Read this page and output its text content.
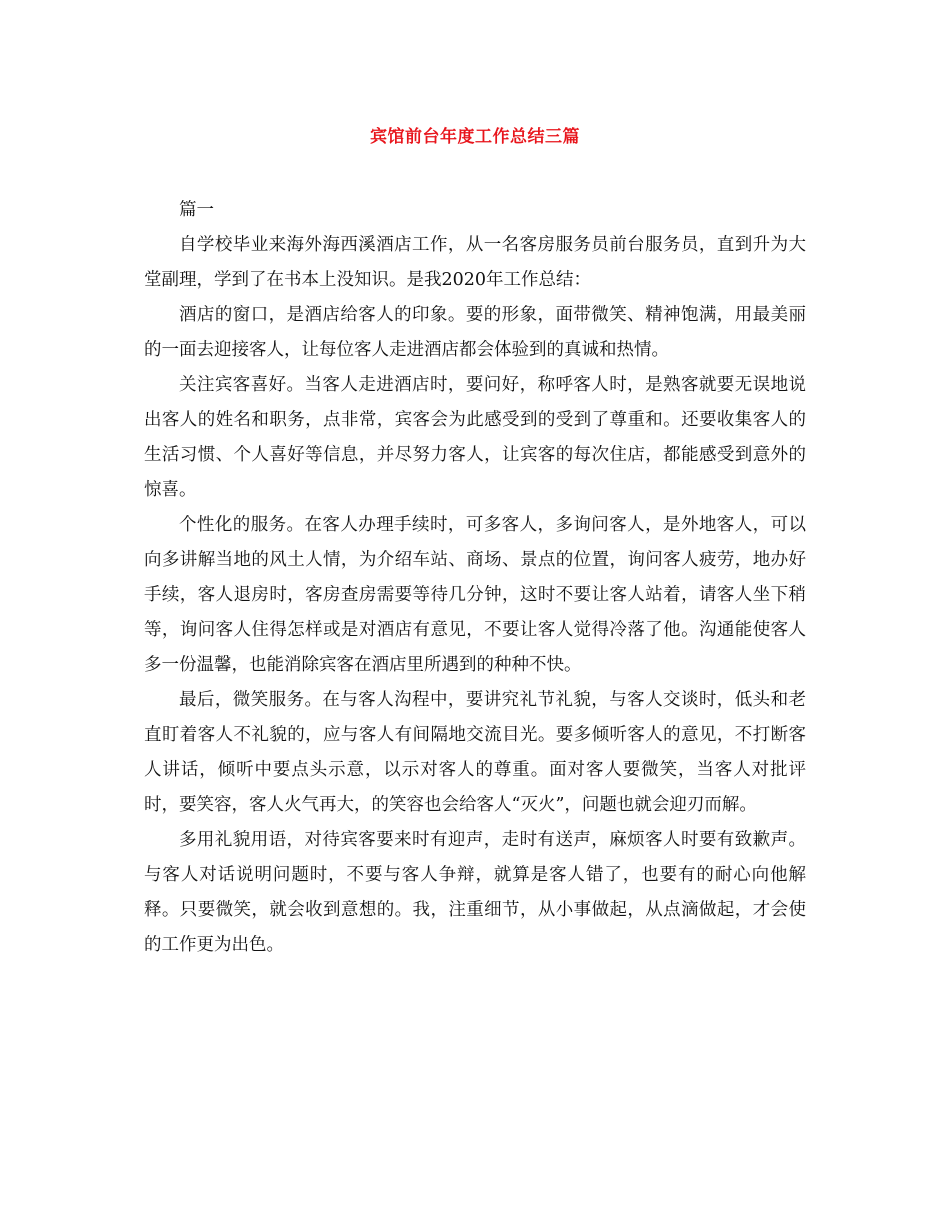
宾馆前台年度工作总结三篇

篇一

自学校毕业来海外海西溪酒店工作，从一名客房服务员前台服务员，直到升为大堂副理，学到了在书本上没知识。是我2020年工作总结：

酒店的窗口，是酒店给客人的印象。要的形象，面带微笑、精神饱满，用最美丽的一面去迎接客人，让每位客人走进酒店都会体验到的真诚和热情。

关注宾客喜好。当客人走进酒店时，要问好，称呼客人时，是熟客就要无误地说出客人的姓名和职务，点非常，宾客会为此感受到的受到了尊重和。还要收集客人的生活习惯、个人喜好等信息，并尽努力客人，让宾客的每次住店，都能感受到意外的惊喜。

个性化的服务。在客人办理手续时，可多客人，多询问客人，是外地客人，可以向多讲解当地的风土人情，为介绍车站、商场、景点的位置，询问客人疲劳，地办好手续，客人退房时，客房查房需要等待几分钟，这时不要让客人站着，请客人坐下稍等，询问客人住得怎样或是对酒店有意见，不要让客人觉得冷落了他。沟通能使客人多一份温馨，也能消除宾客在酒店里所遇到的种种不快。

最后，微笑服务。在与客人沟程中，要讲究礼节礼貌，与客人交谈时，低头和老直盯着客人不礼貌的，应与客人有间隔地交流目光。要多倾听客人的意见，不打断客人讲话，倾听中要点头示意，以示对客人的尊重。面对客人要微笑，当客人对批评时，要笑容，客人火气再大，的笑容也会给客人“灭火”，问题也就会迎刃而解。

多用礼貌用语，对待宾客要来时有迎声，走时有送声，麻烦客人时要有致歉声。与客人对话说明问题时，不要与客人争辩，就算是客人错了，也要有的耐心向他解释。只要微笑，就会收到意想的。我，注重细节，从小事做起，从点滴做起，才会使的工作更为出色。
